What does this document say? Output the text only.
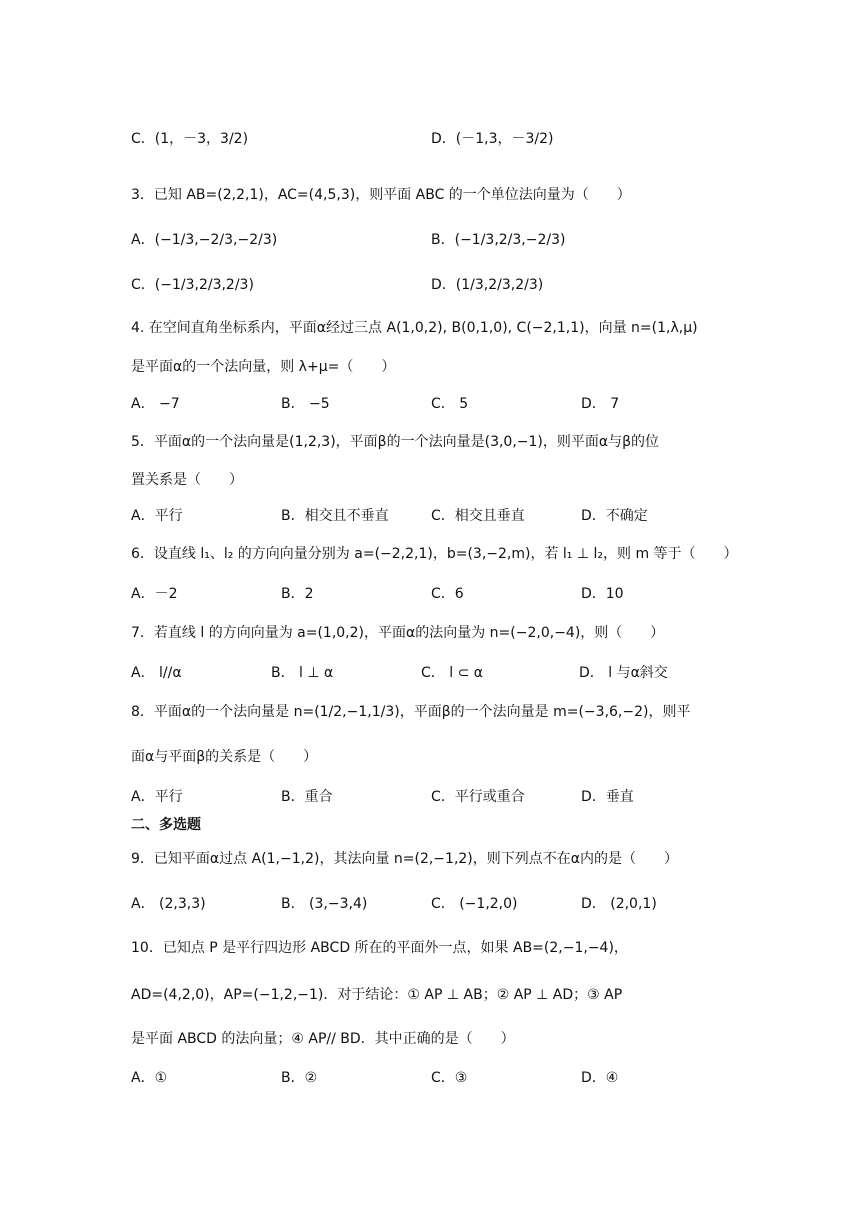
C．(1，－3，3/2)	D．(－1,3，－3/2)
3．已知 AB=(2,2,1)，AC=(4,5,3)，则平面 ABC 的一个单位法向量为（　　）
A．(−1/3,−2/3,−2/3)	B．(−1/3,2/3,−2/3)
C．(−1/3,2/3,2/3)	D．(1/3,2/3,2/3)
4. 在空间直角坐标系内，平面α经过三点 A(1,0,2), B(0,1,0), C(−2,1,1)，向量 n=(1,λ,μ)
是平面α的一个法向量，则 λ+μ=（　　）
A． −7	B． −5	C． 5	D． 7
5．平面α的一个法向量是(1,2,3)，平面β的一个法向量是(3,0,−1)，则平面α与β的位
置关系是（　　）
A．平行	B．相交且不垂直	C．相交且垂直	D．不确定
6．设直线 l₁、l₂ 的方向向量分别为 a=(−2,2,1)，b=(3,−2,m)，若 l₁ ⊥ l₂，则 m 等于（　　）
A．－2	B．2	C．6	D．10
7．若直线 l 的方向向量为 a=(1,0,2)，平面α的法向量为 n=(−2,0,−4)，则（　　）
A． l//α	B． l ⊥ α	C． l ⊂ α	D． l 与α斜交
8．平面α的一个法向量是 n=(1/2,−1,1/3)，平面β的一个法向量是 m=(−3,6,−2)，则平
面α与平面β的关系是（　　）
A．平行	B．重合	C．平行或重合	D．垂直
二、多选题
9．已知平面α过点 A(1,−1,2)，其法向量 n=(2,−1,2)，则下列点不在α内的是（　　）
A． (2,3,3)	B． (3,−3,4)	C． (−1,2,0)	D． (2,0,1)
10．已知点 P 是平行四边形 ABCD 所在的平面外一点，如果 AB=(2,−1,−4)，
AD=(4,2,0)，AP=(−1,2,−1)．对于结论：① AP ⊥ AB；② AP ⊥ AD；③ AP
是平面 ABCD 的法向量；④ AP// BD．其中正确的是（　　）
A．①	B．②	C．③	D．④
